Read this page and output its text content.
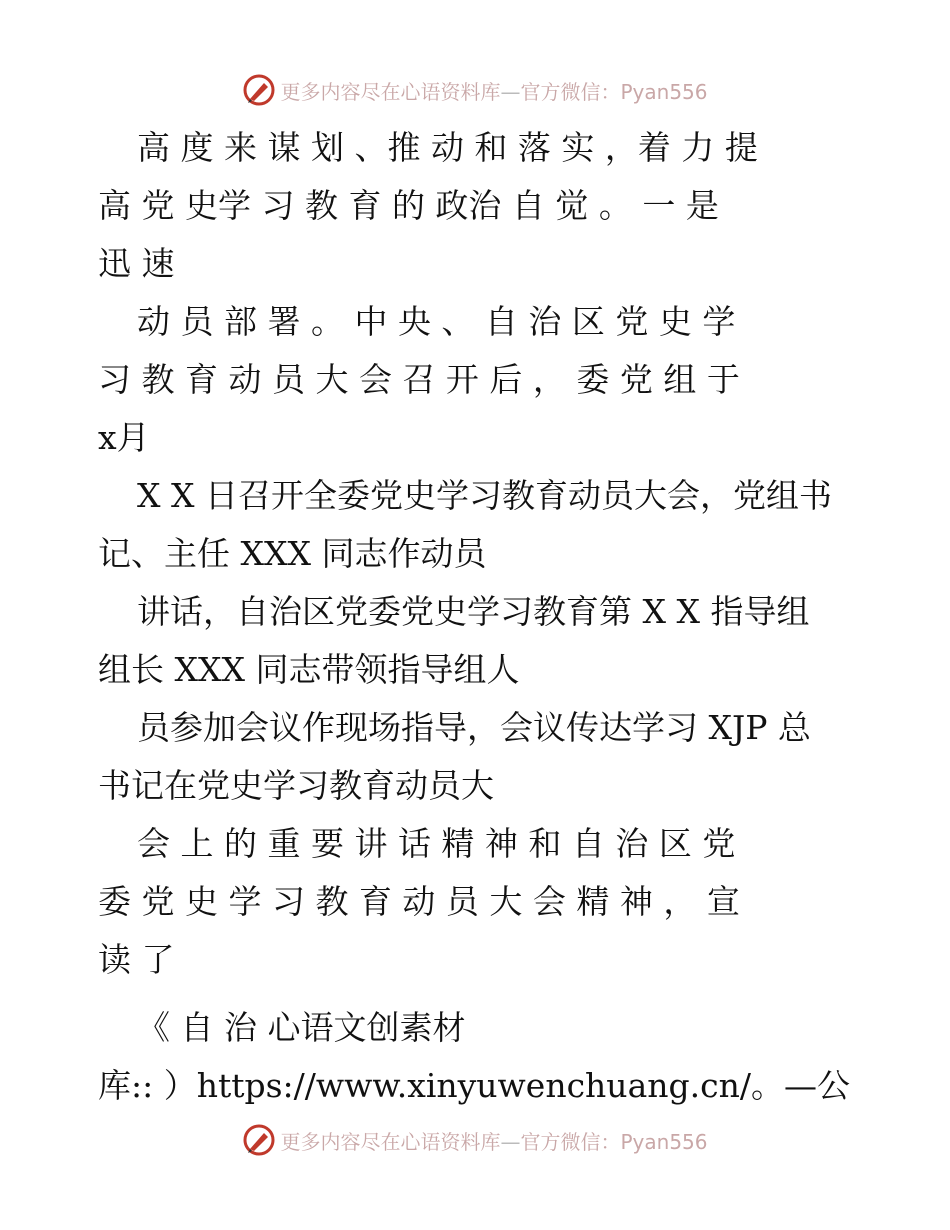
更多内容尽在心语资料库—官方微信：Pyan556
高 度 来 谋 划 、推 动 和 落 实 ，着 力 提
高 党 史学 习 教 育 的 政治 自 觉 。 一 是
迅 速
动 员 部 署 。 中 央 、 自 治 区 党 史 学
习 教 育 动 员 大 会 召 开 后 ， 委 党 组 于
x月
X X 日召开全委党史学习教育动员大会，党组书
记、主任 XXX 同志作动员
讲话，自治区党委党史学习教育第 X X 指导组
组长 XXX 同志带领指导组人
员参加会议作现场指导，会议传达学习 XJP 总
书记在党史学习教育动员大
会 上 的 重 要 讲 话 精 神 和 自 治 区 党
委 党 史 学 习 教 育 动 员 大 会 精 神 ， 宣
读 了
《 自 治 心语文创素材
库:: ）https://www.xinyuwenchuang.cn/。—公
更多内容尽在心语资料库—官方微信：Pyan556
